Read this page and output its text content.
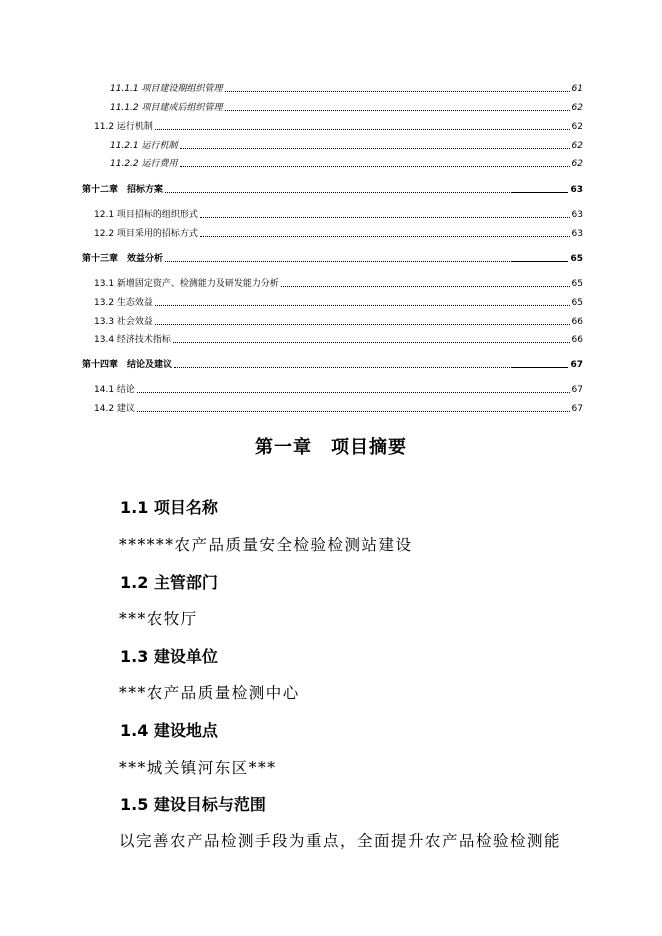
11.1.1 项目建设期组织管理	61
11.1.2 项目建成后组织管理	62
11.2 运行机制	62
11.2.1 运行机制	62
11.2.2 运行费用	62
第十二章　招标方案	63
12.1 项目招标的组织形式	63
12.2 项目采用的招标方式	63
第十三章　效益分析	65
13.1 新增固定资产、检测能力及研发能力分析	65
13.2 生态效益	65
13.3 社会效益	66
13.4 经济技术指标	66
第十四章　结论及建议	67
14.1 结论	67
14.2 建议	67
第一章　项目摘要
1.1 项目名称
******农产品质量安全检验检测站建设
1.2 主管部门
***农牧厅
1.3 建设单位
***农产品质量检测中心
1.4 建设地点
***城关镇河东区***
1.5 建设目标与范围
以完善农产品检测手段为重点，全面提升农产品检验检测能
